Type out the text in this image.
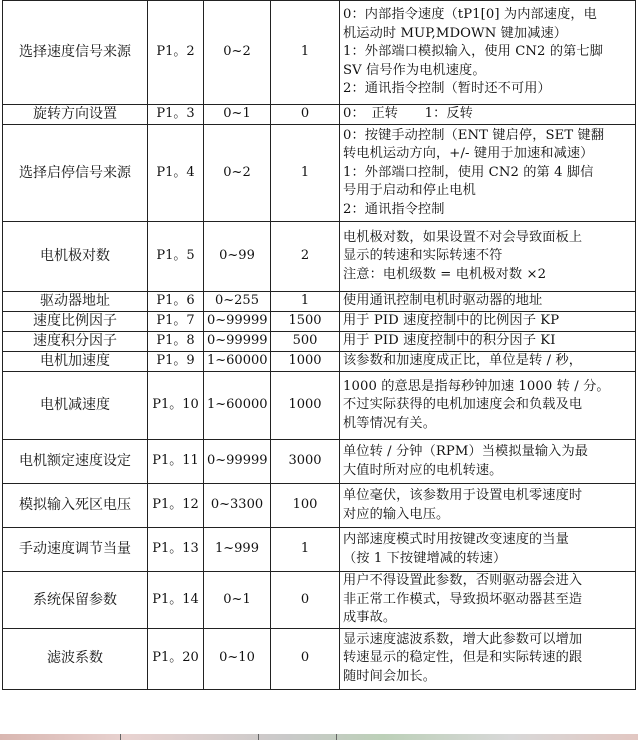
选择速度信号来源	P1。2	0~2	1	0：内部指令速度（tP1[0] 为内部速度，电
机运动时 MUP,MDOWN 键加减速）
1：外部端口模拟输入，使用 CN2 的第七脚
SV 信号作为电机速度。
2：通讯指令控制（暂时还不可用）

旋转方向设置	P1。3	0~1	0	0：　正转　　1：反转

选择启停信号来源	P1。4	0~2	1	0：按键手动控制（ENT 键启停，SET 键翻
转电机运动方向，+/- 键用于加速和减速）
1：外部端口控制，使用 CN2 的第 4 脚信
号用于启动和停止电机
2：通讯指令控制

电机极对数	P1。5	0~99	2	电机极对数，如果设置不对会导致面板上
显示的转速和实际转速不符
注意：电机级数 = 电机极对数 ×2

驱动器地址	P1。6	0~255	1	使用通讯控制电机时驱动器的地址

速度比例因子	P1。7	0~99999	1500	用于 PID 速度控制中的比例因子 KP

速度积分因子	P1。8	0~99999	500	用于 PID 速度控制中的积分因子 KI

电机加速度	P1。9	1~60000	1000	该参数和加速度成正比，单位是转 / 秒，

电机减速度	P1。10	1~60000	1000	1000 的意思是指每秒钟加速 1000 转 / 分。
不过实际获得的电机加速度会和负载及电
机等情况有关。

电机额定速度设定	P1。11	0~99999	3000	单位转 / 分钟（RPM）当模拟量输入为最
大值时所对应的电机转速。

模拟输入死区电压	P1。12	0~3300	100	单位毫伏，该参数用于设置电机零速度时
对应的输入电压。

手动速度调节当量	P1。13	1~999	1	内部速度模式时用按键改变速度的当量
（按 1 下按键增减的转速）

系统保留参数	P1。14	0~1	0	用户不得设置此参数，否则驱动器会进入
非正常工作模式，导致损坏驱动器甚至造
成事故。

滤波系数	P1。20	0~10	0	显示速度滤波系数，增大此参数可以增加
转速显示的稳定性，但是和实际转速的跟
随时间会加长。
